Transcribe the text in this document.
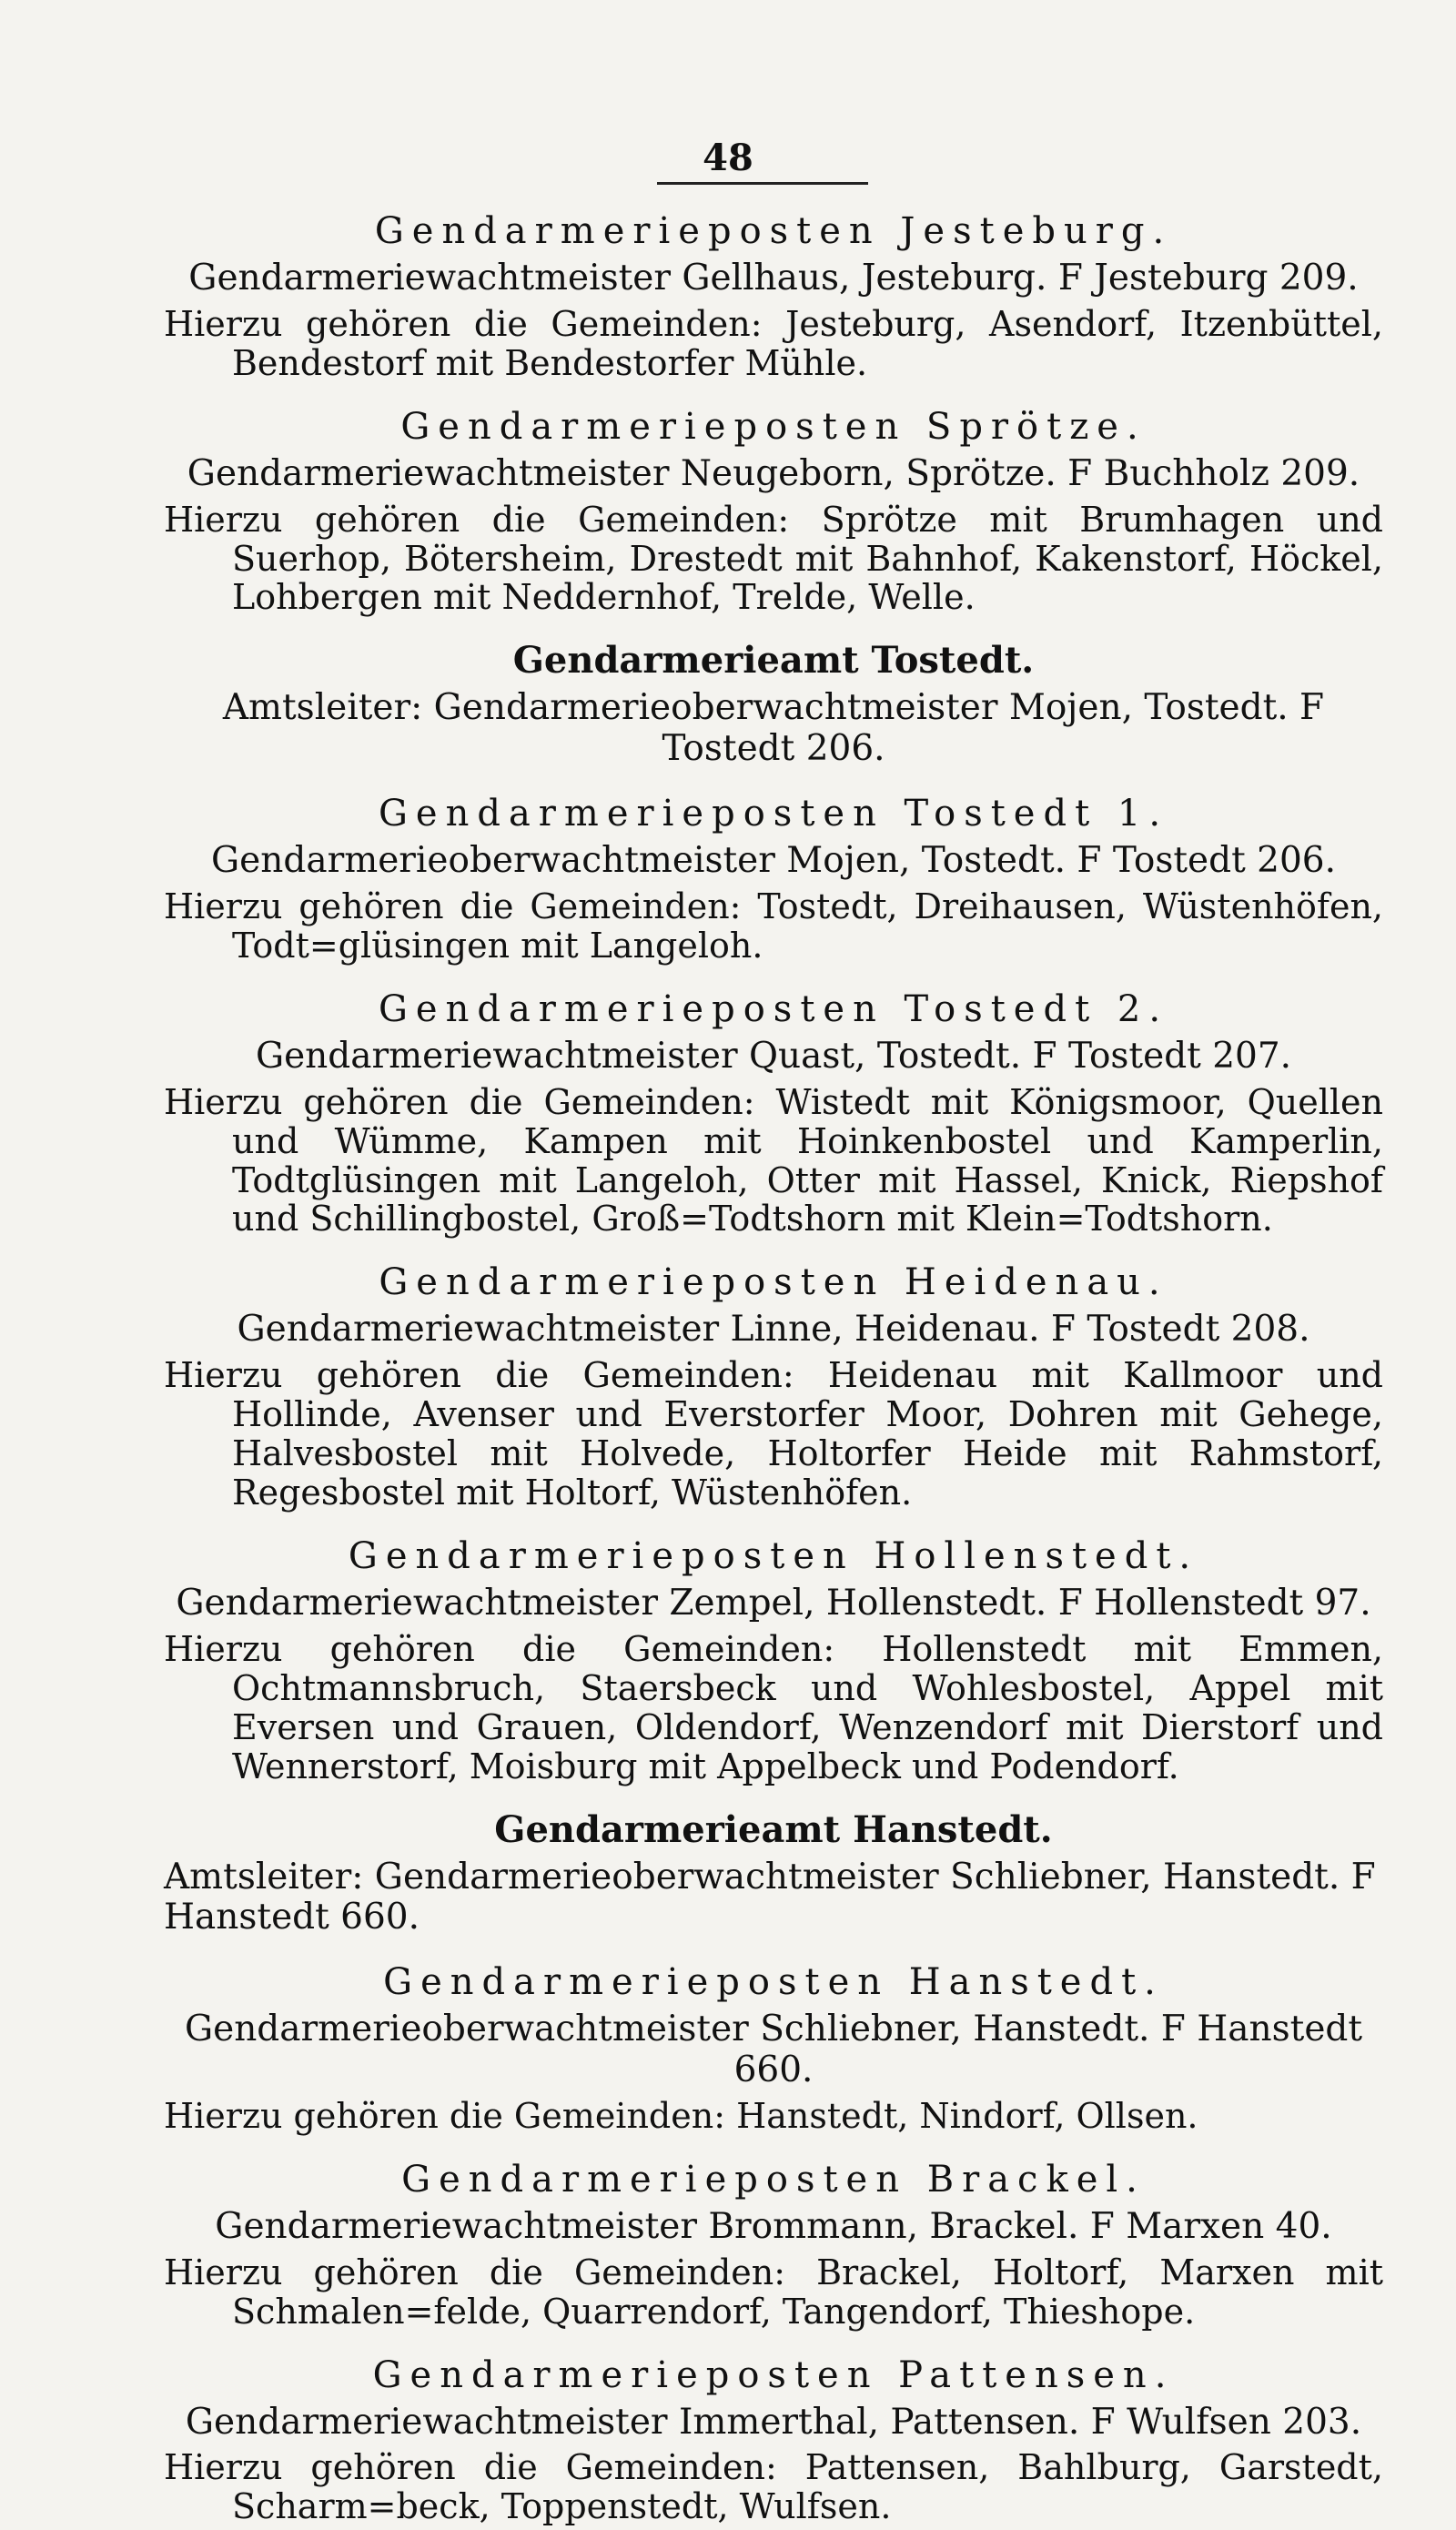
48
Gendarmerieposten Jesteburg.
Gendarmeriewachtmeister Gellhaus, Jesteburg. F Jesteburg 209.
Hierzu gehören die Gemeinden: Jesteburg, Asendorf, Itzenbüttel, Bendestorf mit Bendestorfer Mühle.
Gendarmerieposten Sprötze.
Gendarmeriewachtmeister Neugeborn, Sprötze. F Buchholz 209.
Hierzu gehören die Gemeinden: Sprötze mit Brumhagen und Suerhop, Bötersheim, Drestedt mit Bahnhof, Kakenstorf, Höckel, Lohbergen mit Neddernhof, Trelde, Welle.
Gendarmerieamt Tostedt.
Amtsleiter: Gendarmerieoberwachtmeister Mojen, Tostedt. F Tostedt 206.
Gendarmerieposten Tostedt 1.
Gendarmerieoberwachtmeister Mojen, Tostedt. F Tostedt 206.
Hierzu gehören die Gemeinden: Tostedt, Dreihausen, Wüstenhöfen, Todt=glüsingen mit Langeloh.
Gendarmerieposten Tostedt 2.
Gendarmeriewachtmeister Quast, Tostedt. F Tostedt 207.
Hierzu gehören die Gemeinden: Wistedt mit Königsmoor, Quellen und Wümme, Kampen mit Hoinkenbostel und Kamperlin, Todtglüsingen mit Langeloh, Otter mit Hassel, Knick, Riepshof und Schillingbostel, Groß=Todtshorn mit Klein=Todtshorn.
Gendarmerieposten Heidenau.
Gendarmeriewachtmeister Linne, Heidenau. F Tostedt 208.
Hierzu gehören die Gemeinden: Heidenau mit Kallmoor und Hollinde, Avenser und Everstorfer Moor, Dohren mit Gehege, Halvesbostel mit Holvede, Holtorfer Heide mit Rahmstorf, Regesbostel mit Holtorf, Wüstenhöfen.
Gendarmerieposten Hollenstedt.
Gendarmeriewachtmeister Zempel, Hollenstedt. F Hollenstedt 97.
Hierzu gehören die Gemeinden: Hollenstedt mit Emmen, Ochtmannsbruch, Staersbeck und Wohlesbostel, Appel mit Eversen und Grauen, Oldendorf, Wenzendorf mit Dierstorf und Wennerstorf, Moisburg mit Appelbeck und Podendorf.
Gendarmerieamt Hanstedt.
Amtsleiter: Gendarmerieoberwachtmeister Schliebner, Hanstedt. F Hanstedt 660.
Gendarmerieposten Hanstedt.
Gendarmerieoberwachtmeister Schliebner, Hanstedt. F Hanstedt 660.
Hierzu gehören die Gemeinden: Hanstedt, Nindorf, Ollsen.
Gendarmerieposten Brackel.
Gendarmeriewachtmeister Brommann, Brackel. F Marxen 40.
Hierzu gehören die Gemeinden: Brackel, Holtorf, Marxen mit Schmalen=felde, Quarrendorf, Tangendorf, Thieshope.
Gendarmerieposten Pattensen.
Gendarmeriewachtmeister Immerthal, Pattensen. F Wulfsen 203.
Hierzu gehören die Gemeinden: Pattensen, Bahlburg, Garstedt, Scharm=beck, Toppenstedt, Wulfsen.
